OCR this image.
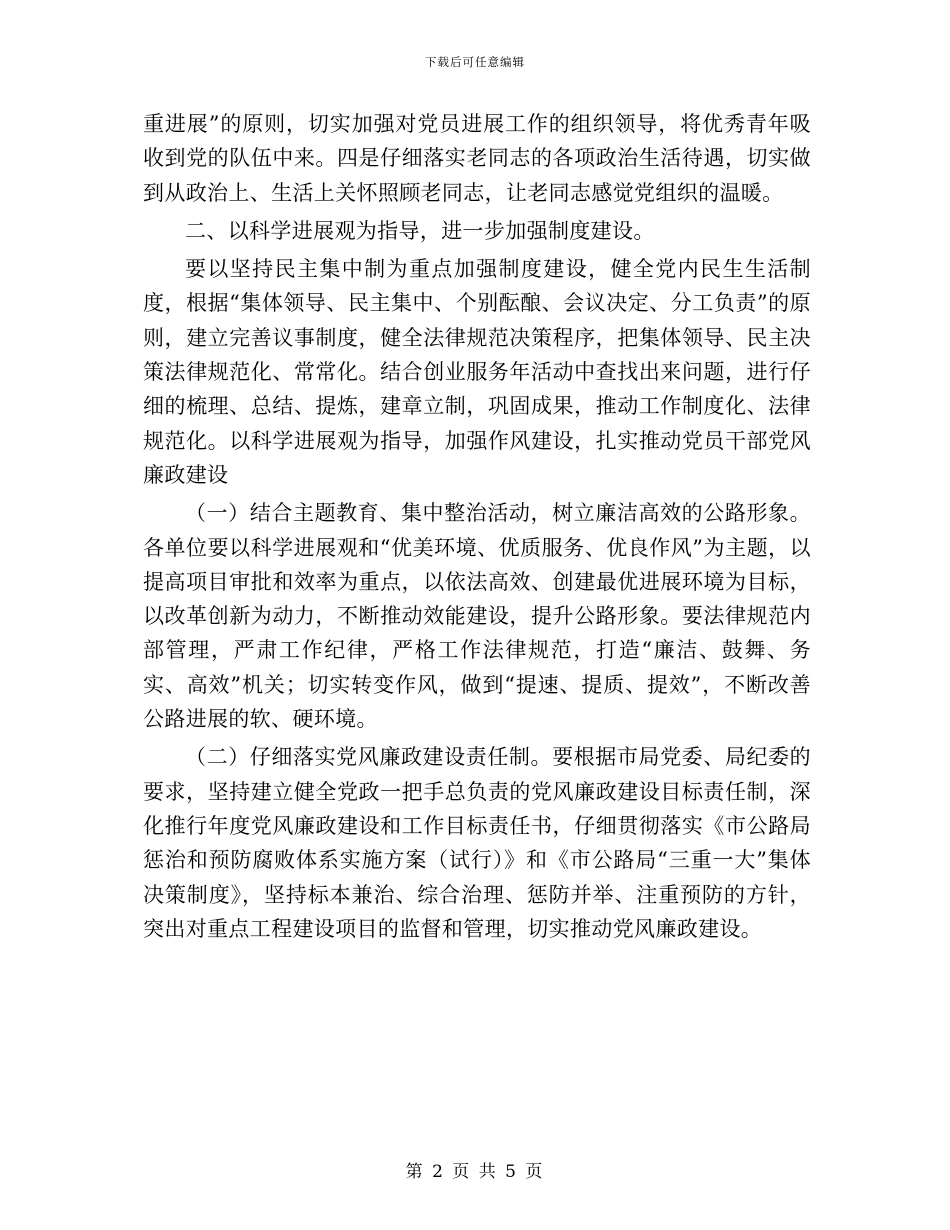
下载后可任意编辑

重进展”的原则，切实加强对党员进展工作的组织领导，将优秀青年吸收到党的队伍中来。四是仔细落实老同志的各项政治生活待遇，切实做到从政治上、生活上关怀照顾老同志，让老同志感觉党组织的温暖。

二、以科学进展观为指导，进一步加强制度建设。

要以坚持民主集中制为重点加强制度建设，健全党内民生生活制度，根据“集体领导、民主集中、个别酝酿、会议决定、分工负责”的原则，建立完善议事制度，健全法律规范决策程序，把集体领导、民主决策法律规范化、常常化。结合创业服务年活动中查找出来问题，进行仔细的梳理、总结、提炼，建章立制，巩固成果，推动工作制度化、法律规范化。以科学进展观为指导，加强作风建设，扎实推动党员干部党风廉政建设

（一）结合主题教育、集中整治活动，树立廉洁高效的公路形象。各单位要以科学进展观和“优美环境、优质服务、优良作风”为主题，以提高项目审批和效率为重点，以依法高效、创建最优进展环境为目标，以改革创新为动力，不断推动效能建设，提升公路形象。要法律规范内部管理，严肃工作纪律，严格工作法律规范，打造“廉洁、鼓舞、务实、高效”机关；切实转变作风，做到“提速、提质、提效”，不断改善公路进展的软、硬环境。

（二）仔细落实党风廉政建设责任制。要根据市局党委、局纪委的要求，坚持建立健全党政一把手总负责的党风廉政建设目标责任制，深化推行年度党风廉政建设和工作目标责任书，仔细贯彻落实《市公路局惩治和预防腐败体系实施方案（试行）》和《市公路局“三重一大”集体决策制度》，坚持标本兼治、综合治理、惩防并举、注重预防的方针，突出对重点工程建设项目的监督和管理，切实推动党风廉政建设。

第 2 页 共 5 页
